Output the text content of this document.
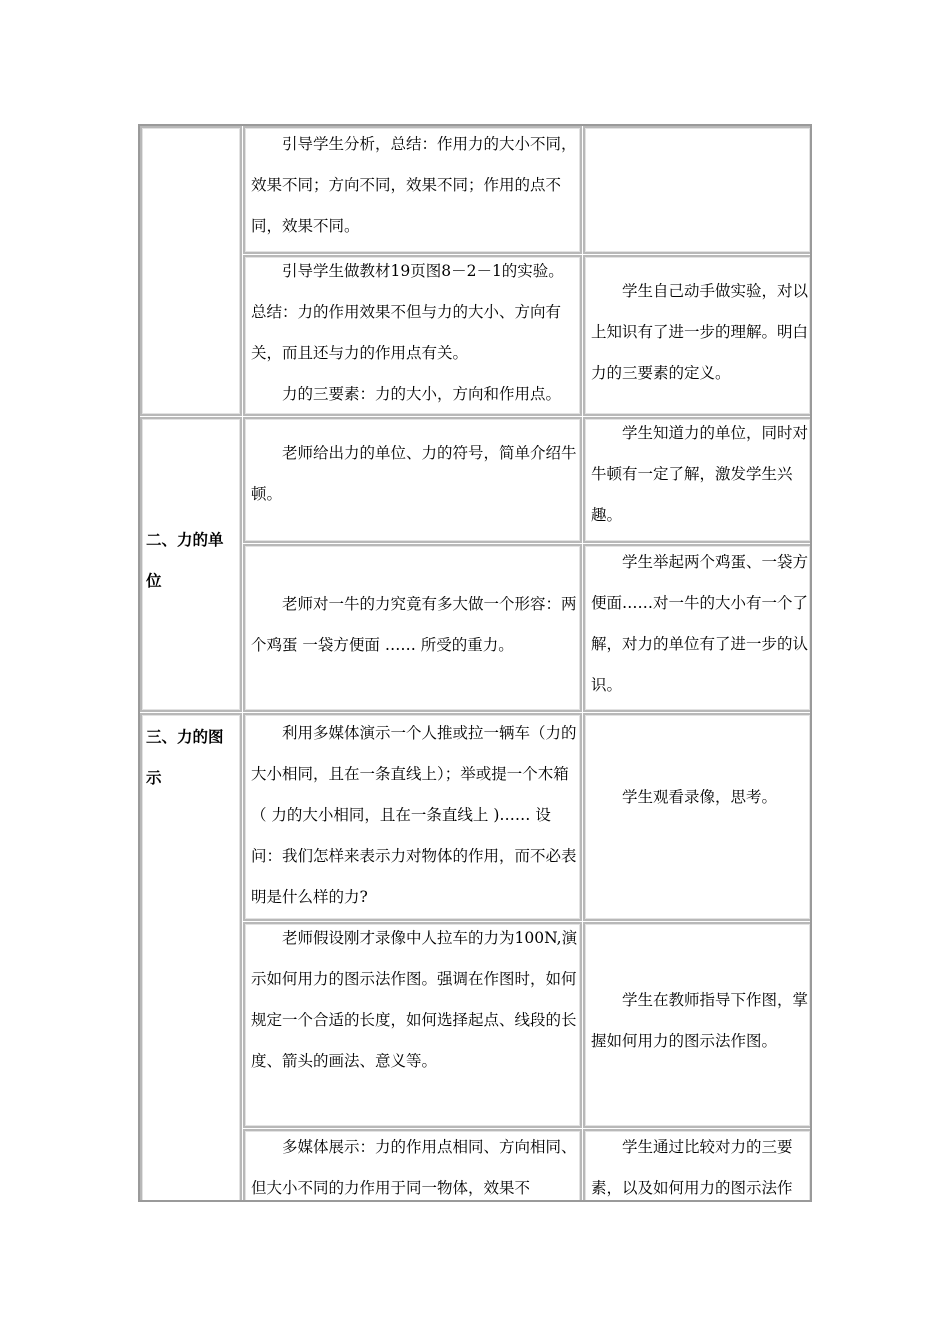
二、力的单位
三、力的图示

引导学生分析，总结：作用力的大小不同，效果不同；方向不同，效果不同；作用的点不同，效果不同。

引导学生做教材19页图8－2－1的实验。总结：力的作用效果不但与力的大小、方向有关，而且还与力的作用点有关。

力的三要素：力的大小，方向和作用点。

学生自己动手做实验，对以上知识有了进一步的理解。明白力的三要素的定义。

老师给出力的单位、力的符号，简单介绍牛顿。

学生知道力的单位，同时对牛顿有一定了解，激发学生兴趣。

老师对一牛的力究竟有多大做一个形容：两个鸡蛋 一袋方便面 …… 所受的重力。

学生举起两个鸡蛋、一袋方便面……对一牛的大小有一个了解，对力的单位有了进一步的认识。

利用多媒体演示一个人推或拉一辆车（力的大小相同，且在一条直线上）；举或提一个木箱（ 力的大小相同，且在一条直线上 )…… 设问：我们怎样来表示力对物体的作用，而不必表明是什么样的力?

学生观看录像，思考。

老师假设刚才录像中人拉车的力为100N,演示如何用力的图示法作图。强调在作图时，如何规定一个合适的长度，如何选择起点、线段的长度、箭头的画法、意义等。

学生在教师指导下作图，掌握如何用力的图示法作图。

多媒体展示：力的作用点相同、方向相同、但大小不同的力作用于同一物体，效果不

学生通过比较对力的三要素，以及如何用力的图示法作
